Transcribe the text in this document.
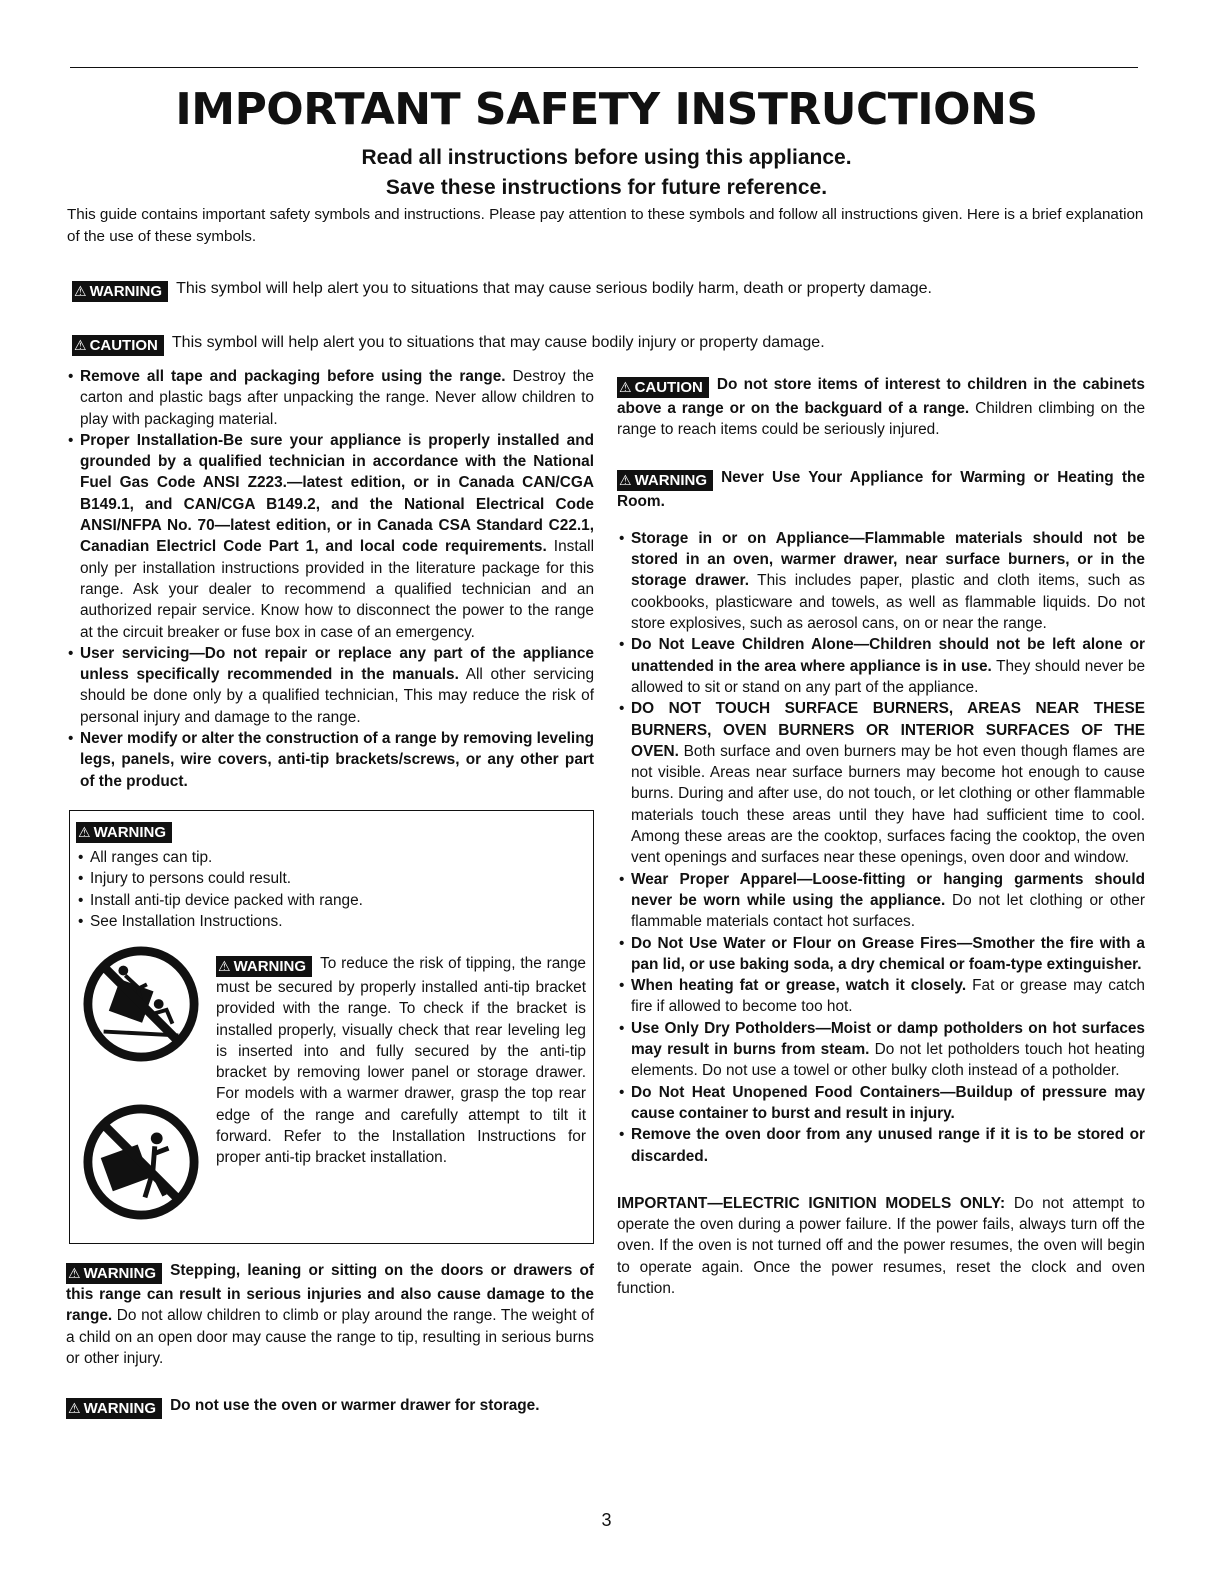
IMPORTANT SAFETY INSTRUCTIONS
Read all instructions before using this appliance.
Save these instructions for future reference.
This guide contains important safety symbols and instructions. Please pay attention to these symbols and follow all instructions given. Here is a brief explanation of the use of these symbols.
⚠ WARNING This symbol will help alert you to situations that may cause serious bodily harm, death or property damage.
⚠ CAUTION This symbol will help alert you to situations that may cause bodily injury or property damage.
• Remove all tape and packaging before using the range. Destroy the carton and plastic bags after unpacking the range. Never allow children to play with packaging material.
• Proper Installation-Be sure your appliance is properly installed and grounded by a qualified technician in accordance with the National Fuel Gas Code ANSI Z223.—latest edition, or in Canada CAN/CGA B149.1, and CAN/CGA B149.2, and the National Electrical Code ANSI/NFPA No. 70—latest edition, or in Canada CSA Standard C22.1, Canadian Electricl Code Part 1, and local code requirements. Install only per installation instructions provided in the literature package for this range. Ask your dealer to recommend a qualified technician and an authorized repair service. Know how to disconnect the power to the range at the circuit breaker or fuse box in case of an emergency.
• User servicing—Do not repair or replace any part of the appliance unless specifically recommended in the manuals. All other servicing should be done only by a qualified technician, This may reduce the risk of personal injury and damage to the range.
• Never modify or alter the construction of a range by removing leveling legs, panels, wire covers, anti-tip brackets/screws, or any other part of the product.
⚠ WARNING
• All ranges can tip.
• Injury to persons could result.
• Install anti-tip device packed with range.
• See Installation Instructions.

⚠ WARNING To reduce the risk of tipping, the range must be secured by properly installed anti-tip bracket provided with the range. To check if the bracket is installed properly, visually check that rear leveling leg is inserted into and fully secured by the anti-tip bracket by removing lower panel or storage drawer. For models with a warmer drawer, grasp the top rear edge of the range and carefully attempt to tilt it forward. Refer to the Installation Instructions for proper anti-tip bracket installation.

⚠ WARNING Stepping, leaning or sitting on the doors or drawers of this range can result in serious injuries and also cause damage to the range. Do not allow children to climb or play around the range. The weight of a child on an open door may cause the range to tip, resulting in serious burns or other injury.

⚠ WARNING Do not use the oven or warmer drawer for storage.

⚠ CAUTION Do not store items of interest to children in the cabinets above a range or on the backguard of a range. Children climbing on the range to reach items could be seriously injured.

⚠ WARNING Never Use Your Appliance for Warming or Heating the Room.

• Storage in or on Appliance—Flammable materials should not be stored in an oven, warmer drawer, near surface burners, or in the storage drawer. This includes paper, plastic and cloth items, such as cookbooks, plasticware and towels, as well as flammable liquids. Do not store explosives, such as aerosol cans, on or near the range.
• Do Not Leave Children Alone—Children should not be left alone or unattended in the area where appliance is in use. They should never be allowed to sit or stand on any part of the appliance.
• DO NOT TOUCH SURFACE BURNERS, AREAS NEAR THESE BURNERS, OVEN BURNERS OR INTERIOR SURFACES OF THE OVEN. Both surface and oven burners may be hot even though flames are not visible. Areas near surface burners may become hot enough to cause burns. During and after use, do not touch, or let clothing or other flammable materials touch these areas until they have had sufficient time to cool. Among these areas are the cooktop, surfaces facing the cooktop, the oven vent openings and surfaces near these openings, oven door and window.
• Wear Proper Apparel—Loose-fitting or hanging garments should never be worn while using the appliance. Do not let clothing or other flammable materials contact hot surfaces.
• Do Not Use Water or Flour on Grease Fires—Smother the fire with a pan lid, or use baking soda, a dry chemical or foam-type extinguisher.
• When heating fat or grease, watch it closely. Fat or grease may catch fire if allowed to become too hot.
• Use Only Dry Potholders—Moist or damp potholders on hot surfaces may result in burns from steam. Do not let potholders touch hot heating elements. Do not use a towel or other bulky cloth instead of a potholder.
• Do Not Heat Unopened Food Containers—Buildup of pressure may cause container to burst and result in injury.
• Remove the oven door from any unused range if it is to be stored or discarded.

IMPORTANT—ELECTRIC IGNITION MODELS ONLY: Do not attempt to operate the oven during a power failure. If the power fails, always turn off the oven. If the oven is not turned off and the power resumes, the oven will begin to operate again. Once the power resumes, reset the clock and oven function.

3
